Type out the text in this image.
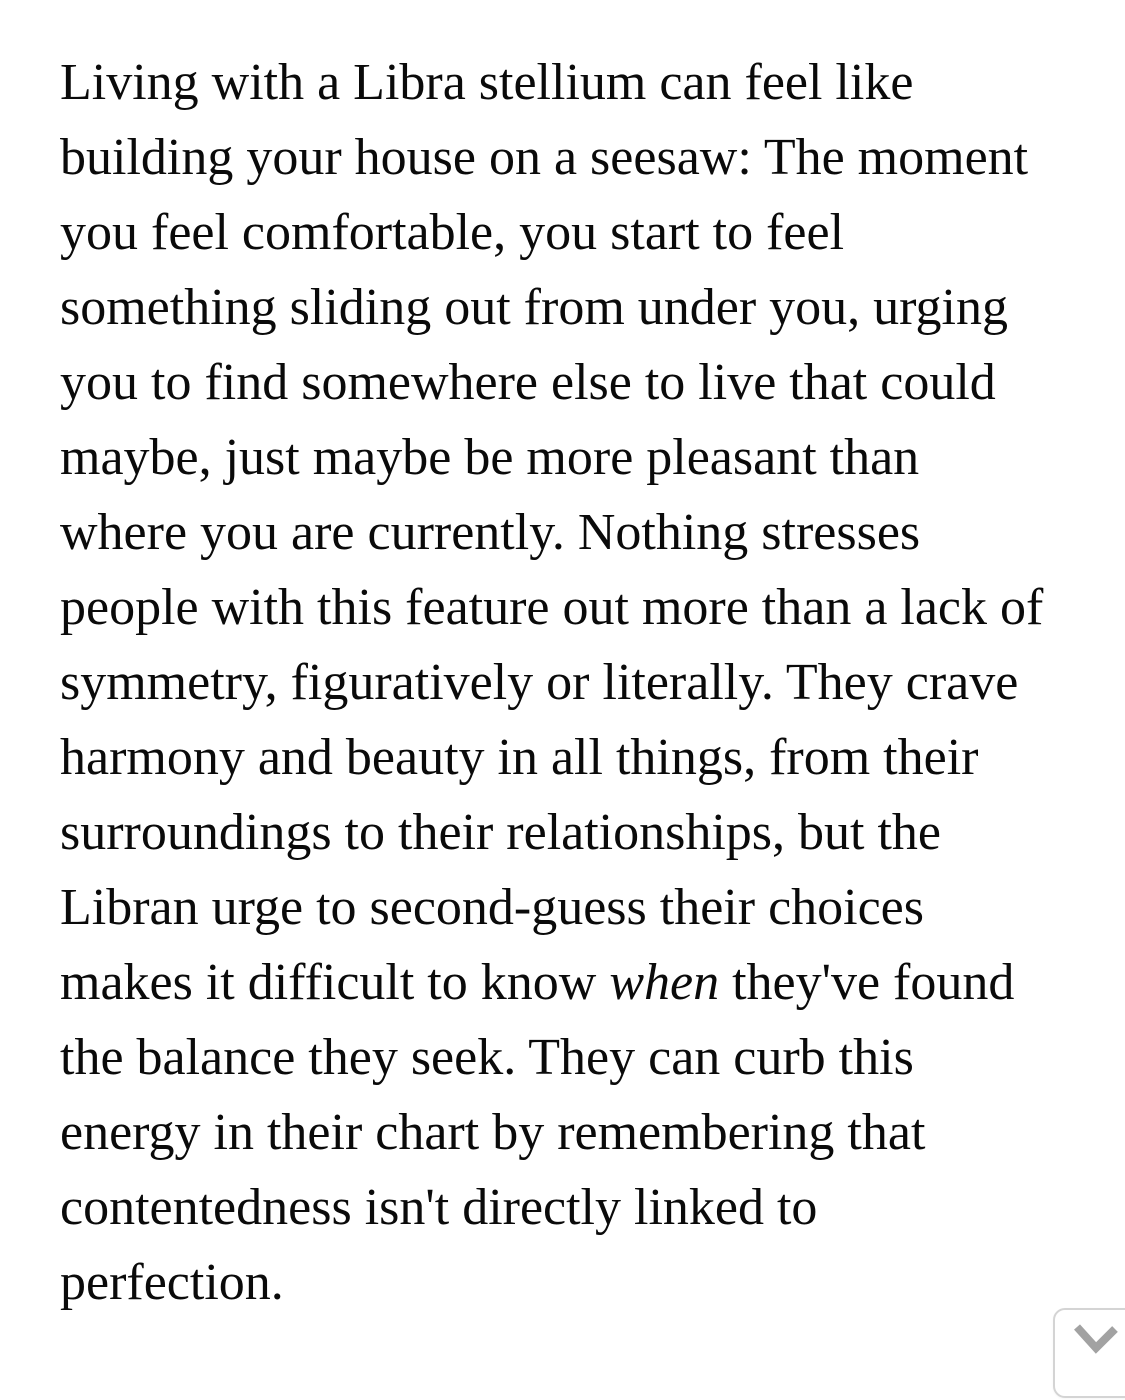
Living with a Libra stellium can feel like
building your house on a seesaw: The moment
you feel comfortable, you start to feel
something sliding out from under you, urging
you to find somewhere else to live that could
maybe, just maybe be more pleasant than
where you are currently. Nothing stresses
people with this feature out more than a lack of
symmetry, figuratively or literally. They crave
harmony and beauty in all things, from their
surroundings to their relationships, but the
Libran urge to second-guess their choices
makes it difficult to know when they've found
the balance they seek. They can curb this
energy in their chart by remembering that
contentedness isn't directly linked to
perfection.
